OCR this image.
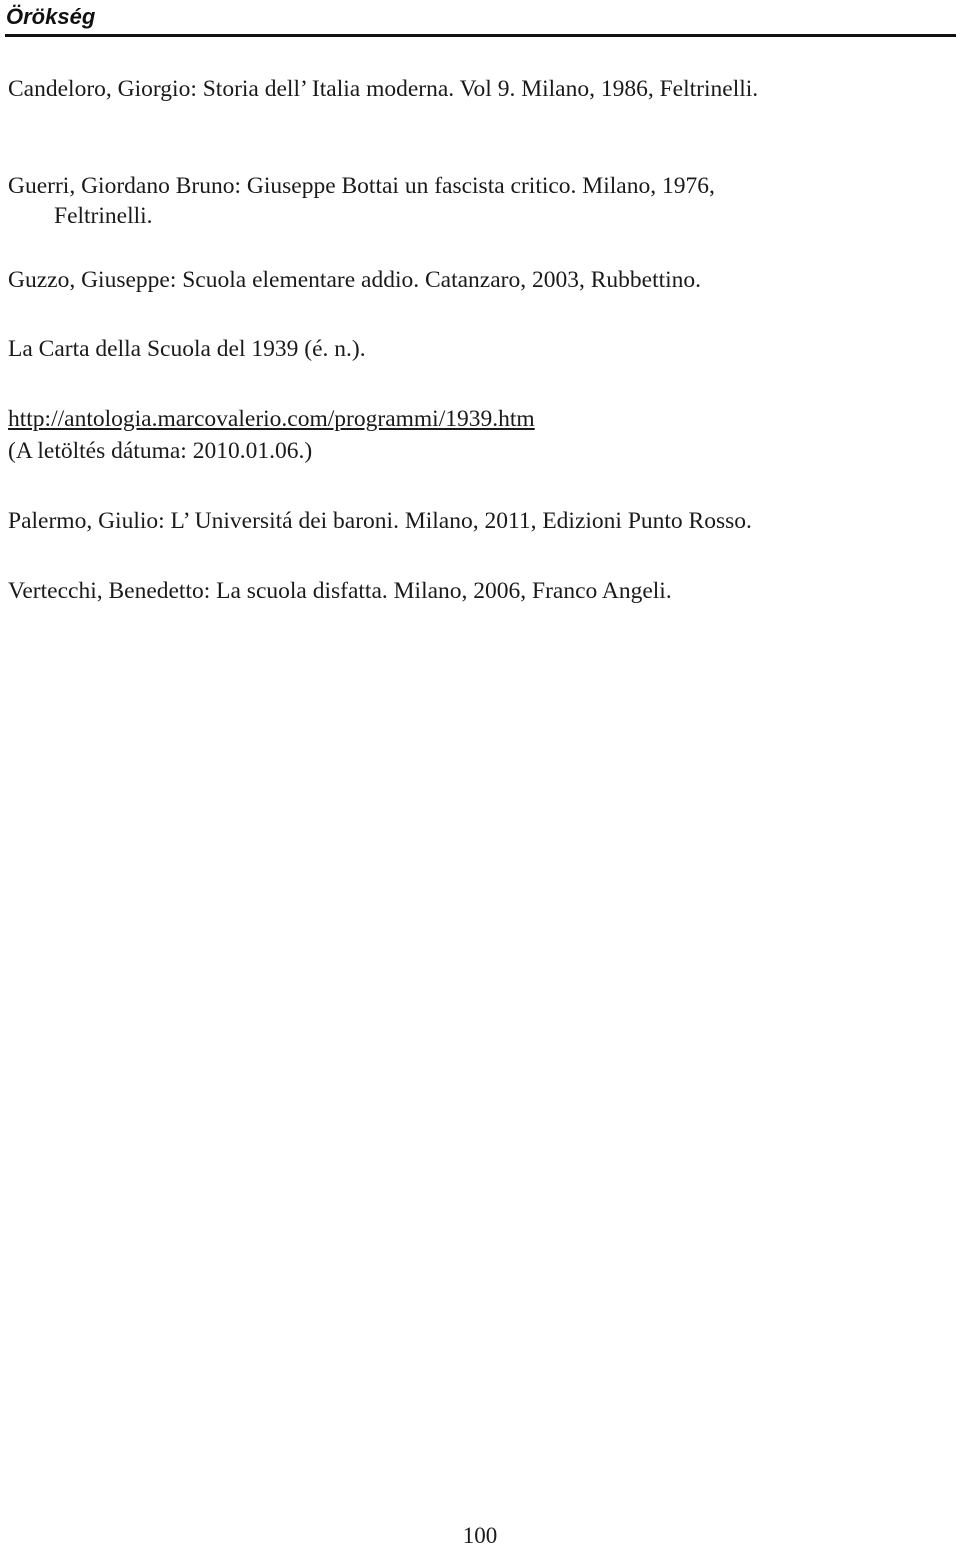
Örökség

Candeloro, Giorgio: Storia dell’ Italia moderna. Vol 9. Milano, 1986, Feltrinelli.

Guerri, Giordano Bruno: Giuseppe Bottai un fascista critico. Milano, 1976,
Feltrinelli.

Guzzo, Giuseppe: Scuola elementare addio. Catanzaro, 2003, Rubbettino.

La Carta della Scuola del 1939 (é. n.).

http://antologia.marcovalerio.com/programmi/1939.htm

(A letöltés dátuma: 2010.01.06.)

Palermo, Giulio: L’ Universitá dei baroni. Milano, 2011, Edizioni Punto Rosso.

Vertecchi, Benedetto: La scuola disfatta. Milano, 2006, Franco Angeli.

100
